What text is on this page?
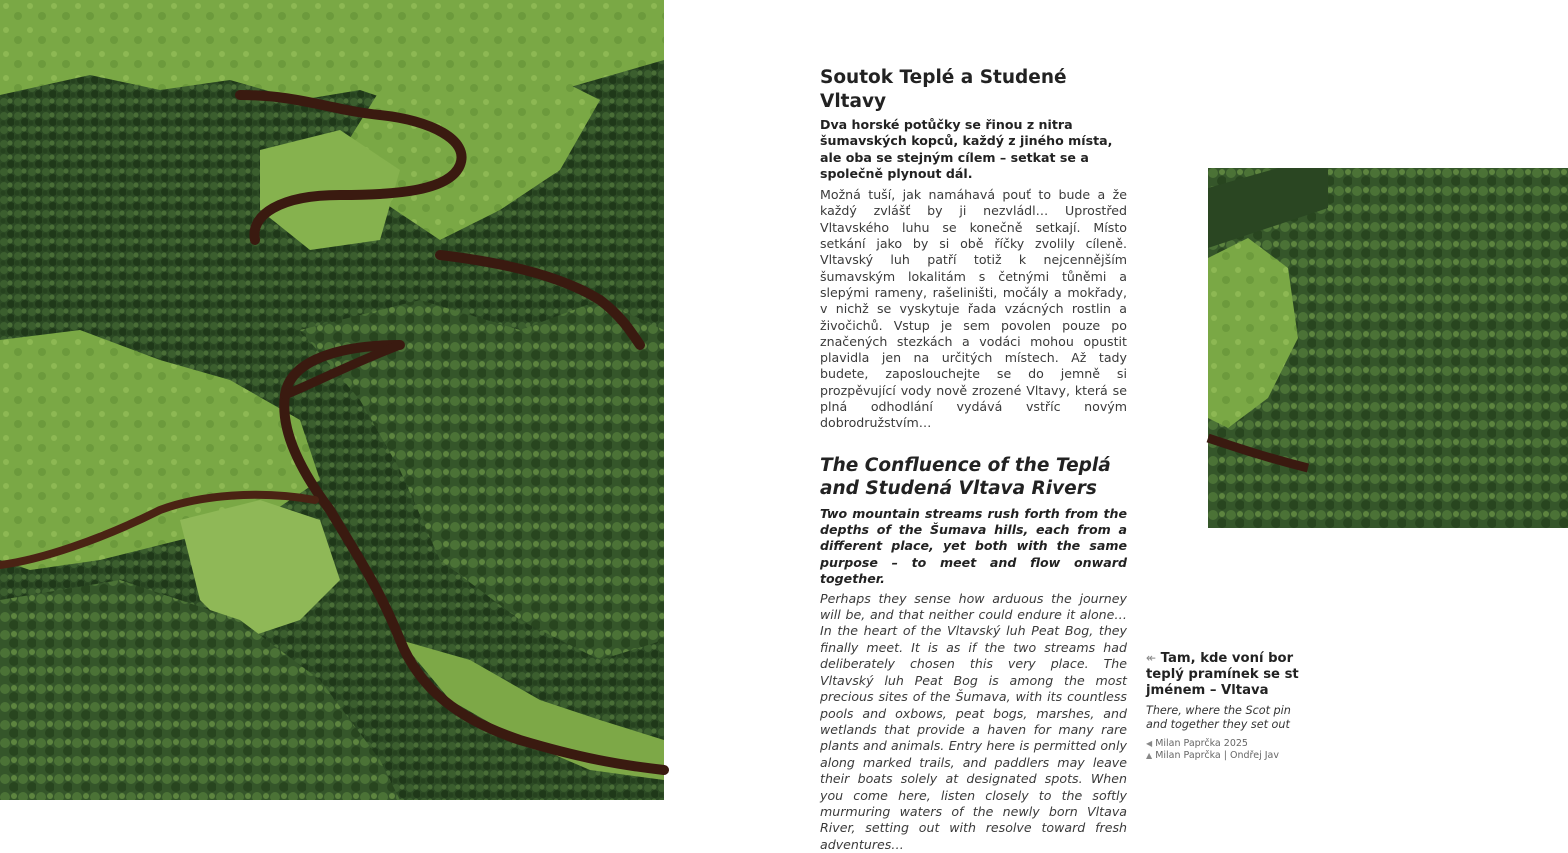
Soutok Teplé a Studené Vltavy

Dva horské potůčky se řinou z nitra šumavských kopců, každý z jiného místa, ale oba se stejným cílem – setkat se a společně plynout dál.

Možná tuší, jak namáhavá pouť to bude a že každý zvlášť by ji nezvládl… Uprostřed Vltavského luhu se konečně setkají. Místo setkání jako by si obě říčky zvolily cíleně. Vltavský luh patří totiž k nejcennějším šumavským lokalitám s četnými tůněmi a slepými rameny, rašeliništi, močály a mokřady, v nichž se vyskytuje řada vzácných rostlin a živočichů. Vstup je sem povolen pouze po značených stezkách a vodáci mohou opustit plavidla jen na určitých místech. Až tady budete, zaposlouchejte se do jemně si prozpěvující vody nově zrozené Vltavy, která se plná odhodlání vydává vstříc novým dobrodružstvím…

The Confluence of the Teplá and Studená Vltava Rivers

Two mountain streams rush forth from the depths of the Šumava hills, each from a different place, yet both with the same purpose – to meet and flow onward together.

Perhaps they sense how arduous the journey will be, and that neither could endure it alone… In the heart of the Vltavský luh Peat Bog, they finally meet. It is as if the two streams had deliberately chosen this very place. The Vltavský luh Peat Bog is among the most precious sites of the Šumava, with its countless pools and oxbows, peat bogs, marshes, and wetlands that provide a haven for many rare plants and animals. Entry here is permitted only along marked trails, and paddlers may leave their boats solely at designated spots. When you come here, listen closely to the softly murmuring waters of the newly born Vltava River, setting out with resolve toward fresh adventures…

↞ Tam, kde voní bor
teplý pramínek se st
jménem – Vltava
There, where the Scot pin
and together they set out
◀ Milan Paprčka 2025
▲ Milan Paprčka | Ondřej Jav
